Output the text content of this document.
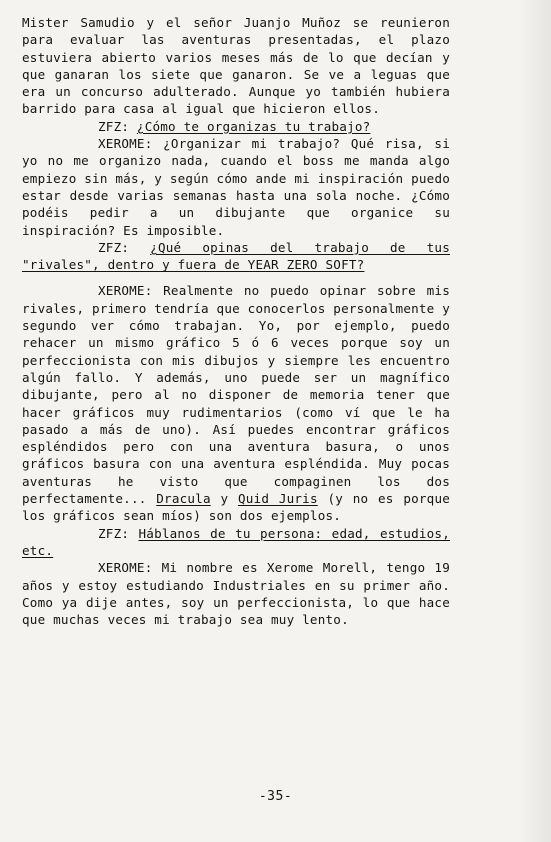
Mister Samudio y el señor Juanjo Muñoz se reunieron para evaluar las aventuras presentadas, el plazo estuviera abierto varios meses más de lo que decían y que ganaran los siete que ganaron. Se ve a leguas que era un concurso adulterado. Aunque yo también hubiera barrido para casa al igual que hicieron ellos.

ZFZ: ¿Cómo te organizas tu trabajo?

XEROME: ¿Organizar mi trabajo? Qué risa, si yo no me organizo nada, cuando el boss me manda algo empiezo sin más, y según cómo ande mi inspiración puedo estar desde varias semanas hasta una sola noche. ¿Cómo podéis pedir a un dibujante que organice su inspiración? Es imposible.

ZFZ: ¿Qué opinas del trabajo de tus "rivales", dentro y fuera de YEAR ZERO SOFT?

XEROME: Realmente no puedo opinar sobre mis rivales, primero tendría que conocerlos personalmente y segundo ver cómo trabajan. Yo, por ejemplo, puedo rehacer un mismo gráfico 5 ó 6 veces porque soy un perfeccionista con mis dibujos y siempre les encuentro algún fallo. Y además, uno puede ser un magnífico dibujante, pero al no disponer de memoria tener que hacer gráficos muy rudimentarios (como ví que le ha pasado a más de uno). Así puedes encontrar gráficos espléndidos pero con una aventura basura, o unos gráficos basura con una aventura espléndida. Muy pocas aventuras he visto que compaginen los dos perfectamente... Dracula y Quid Juris (y no es porque los gráficos sean míos) son dos ejemplos.

ZFZ: Háblanos de tu persona: edad, estudios, etc.

XEROME: Mi nombre es Xerome Morell, tengo 19 años y estoy estudiando Industriales en su primer año. Como ya dije antes, soy un perfeccionista, lo que hace que muchas veces mi trabajo sea muy lento.

-35-
